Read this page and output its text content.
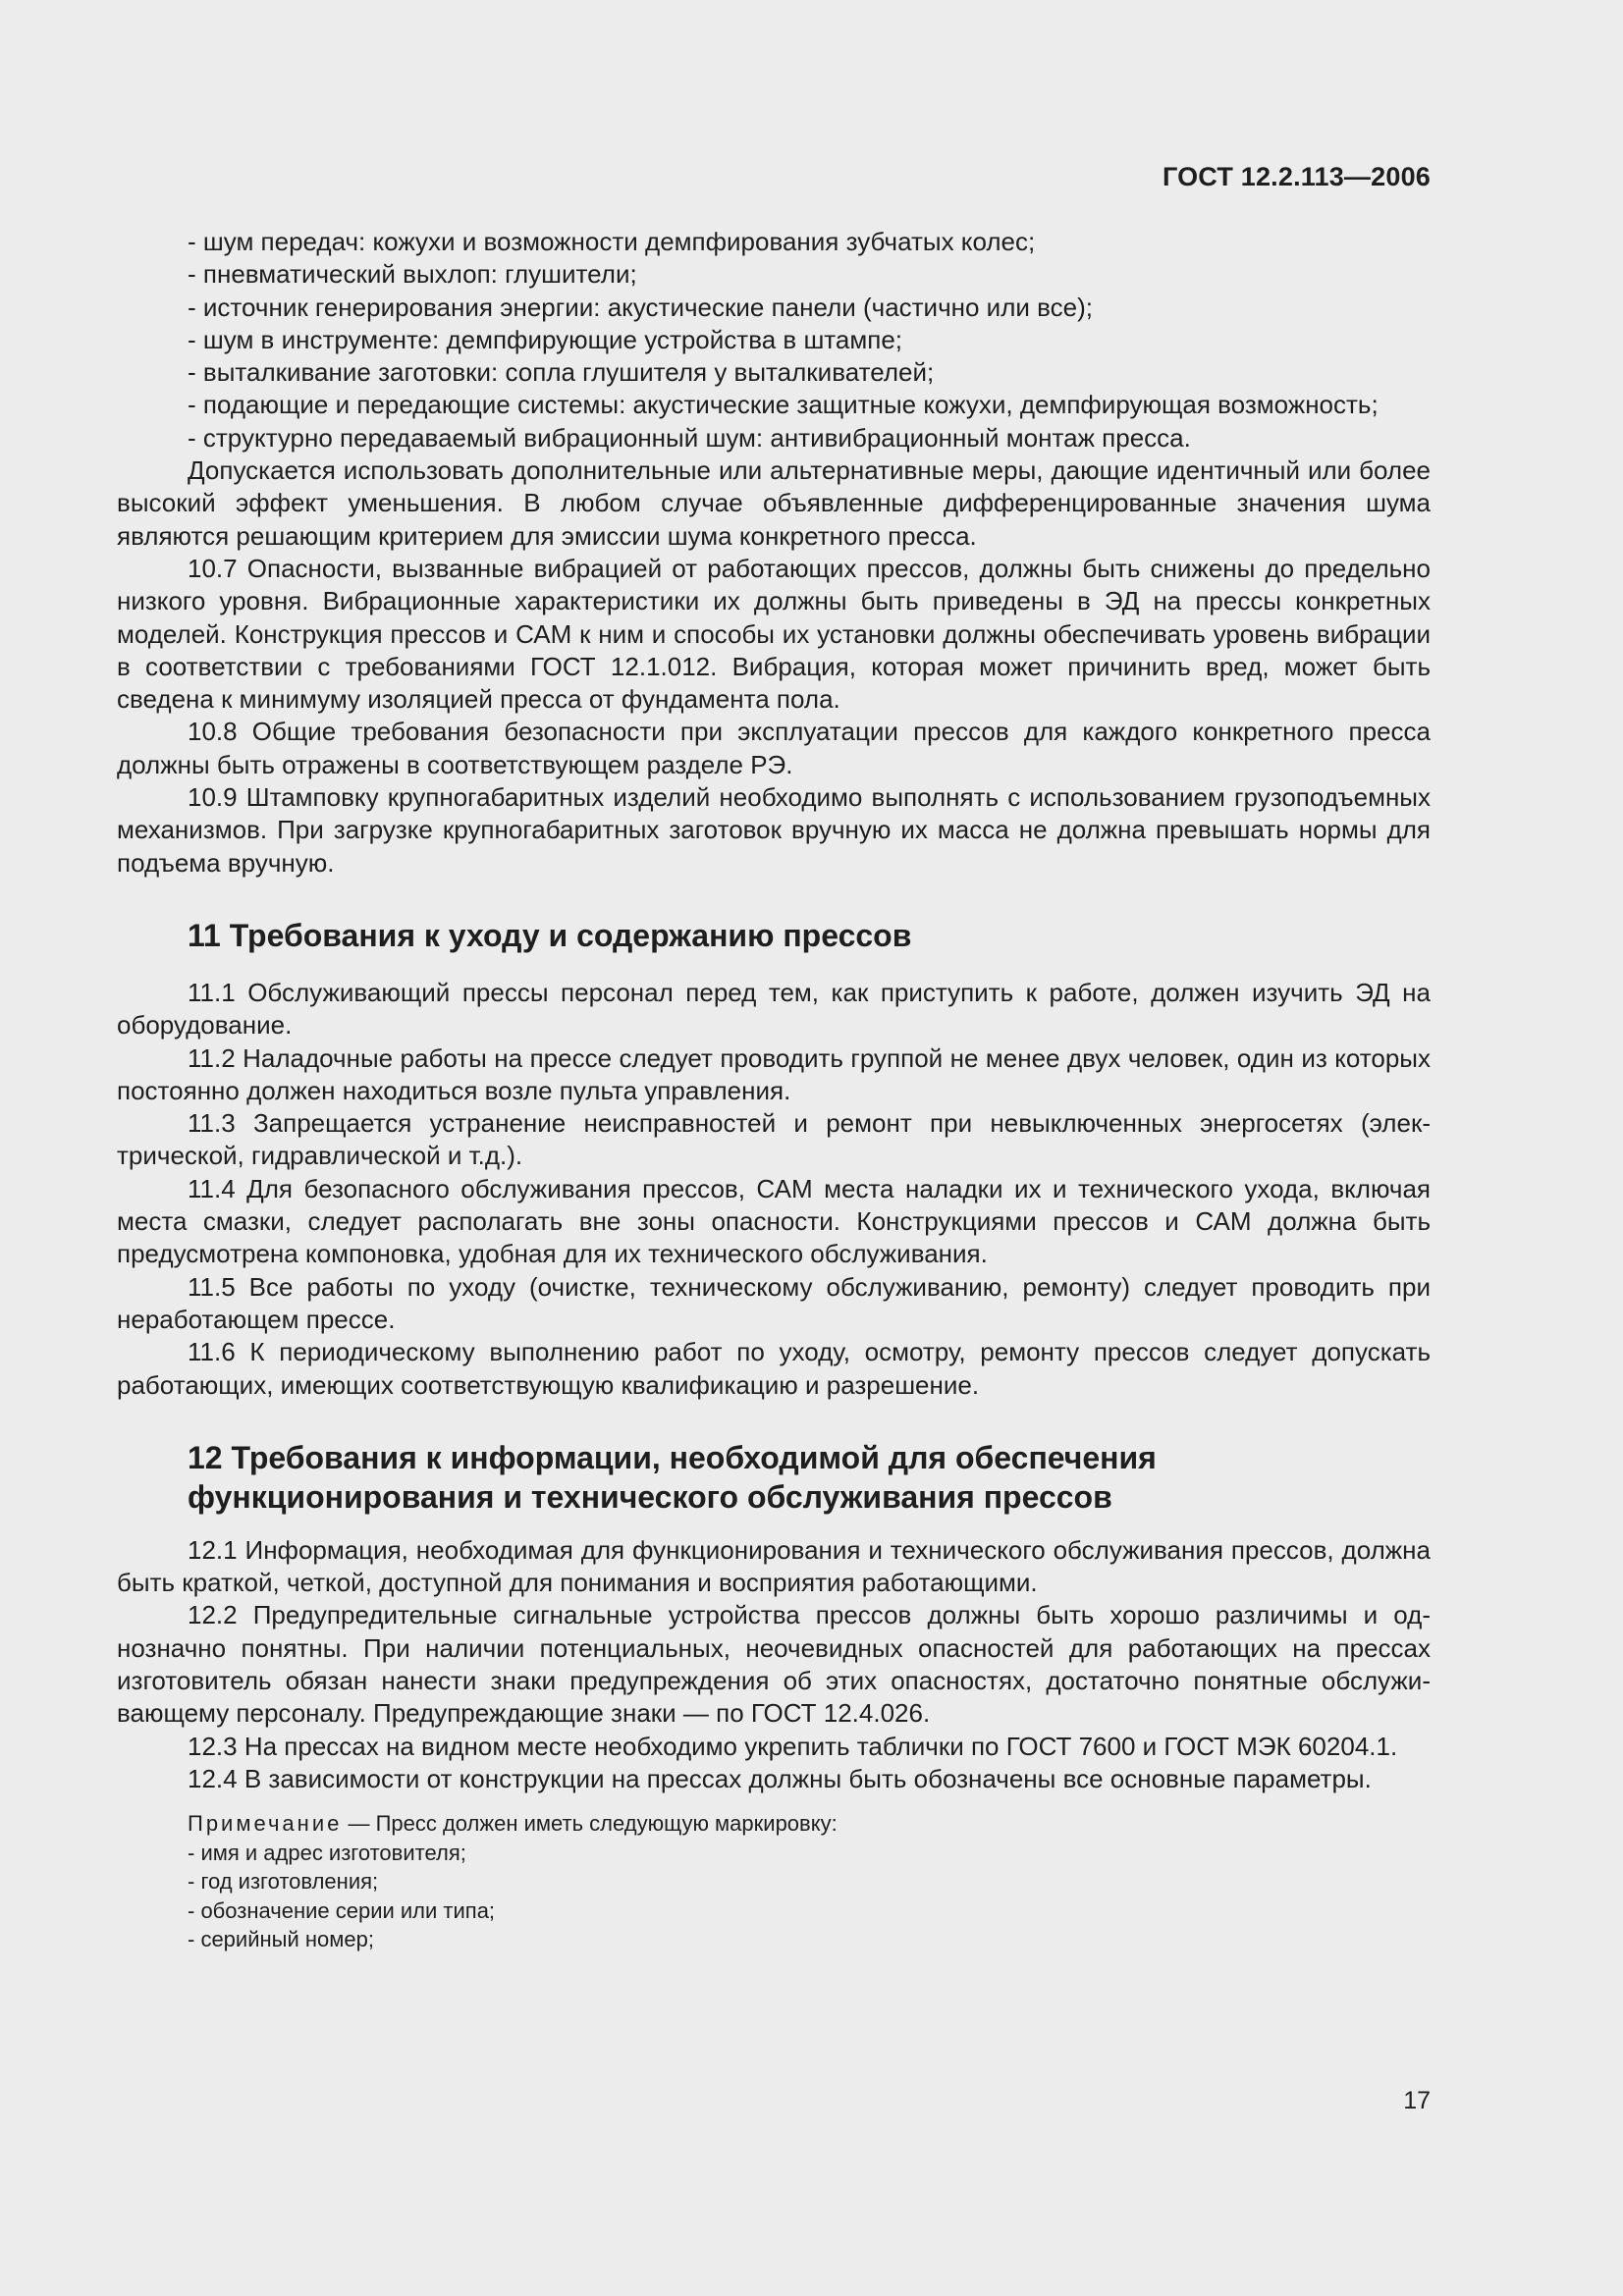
ГОСТ 12.2.113—2006

- шум передач: кожухи и возможности демпфирования зубчатых колес;

- пневматический выхлоп: глушители;

- источник генерирования энергии: акустические панели (частично или все);

- шум в инструменте: демпфирующие устройства в штампе;

- выталкивание заготовки: сопла глушителя у выталкивателей;

- подающие и передающие системы: акустические защитные кожухи, демпфирующая возможность;

- структурно передаваемый вибрационный шум: антивибрационный монтаж пресса.

Допускается использовать дополнительные или альтернативные меры, дающие идентичный или более высокий эффект уменьшения. В любом случае объявленные дифференцированные значения шума являются решающим критерием для эмиссии шума конкретного пресса.

10.7 Опасности, вызванные вибрацией от работающих прессов, должны быть снижены до предельно низкого уровня. Вибрационные характеристики их должны быть приведены в ЭД на прессы конкретных моделей. Конструкция прессов и САМ к ним и способы их установки должны обеспечивать уровень вибрации в соответствии с требованиями ГОСТ 12.1.012. Вибрация, которая может причинить вред, может быть сведена к минимуму изоляцией пресса от фундамента пола.

10.8 Общие требования безопасности при эксплуатации прессов для каждого конкретного пресса должны быть отражены в соответствующем разделе РЭ.

10.9 Штамповку крупногабаритных изделий необходимо выполнять с использованием грузоподъемных механизмов. При загрузке крупногабаритных заготовок вручную их масса не должна превышать нормы для подъема вручную.

11 Требования к уходу и содержанию прессов

11.1 Обслуживающий прессы персонал перед тем, как приступить к работе, должен изучить ЭД на оборудование.

11.2 Наладочные работы на прессе следует проводить группой не менее двух человек, один из которых постоянно должен находиться возле пульта управления.

11.3 Запрещается устранение неисправностей и ремонт при невыключенных энергосетях (электрической, гидравлической и т.д.).

11.4 Для безопасного обслуживания прессов, САМ места наладки их и технического ухода, включая места смазки, следует располагать вне зоны опасности. Конструкциями прессов и САМ должна быть предусмотрена компоновка, удобная для их технического обслуживания.

11.5 Все работы по уходу (очистке, техническому обслуживанию, ремонту) следует проводить при неработающем прессе.

11.6 К периодическому выполнению работ по уходу, осмотру, ремонту прессов следует допускать работающих, имеющих соответствующую квалификацию и разрешение.

12 Требования к информации, необходимой для обеспечения
функционирования и технического обслуживания прессов

12.1 Информация, необходимая для функционирования и технического обслуживания прессов, должна быть краткой, четкой, доступной для понимания и восприятия работающими.

12.2 Предупредительные сигнальные устройства прессов должны быть хорошо различимы и однозначно понятны. При наличии потенциальных, неочевидных опасностей для работающих на прессах изготовитель обязан нанести знаки предупреждения об этих опасностях, достаточно понятные обслуживающему персоналу. Предупреждающие знаки — по ГОСТ 12.4.026.

12.3 На прессах на видном месте необходимо укрепить таблички по ГОСТ 7600 и ГОСТ МЭК 60204.1.

12.4 В зависимости от конструкции на прессах должны быть обозначены все основные параметры.

Примечание — Пресс должен иметь следующую маркировку:

- имя и адрес изготовителя;

- год изготовления;

- обозначение серии или типа;

- серийный номер;

17
